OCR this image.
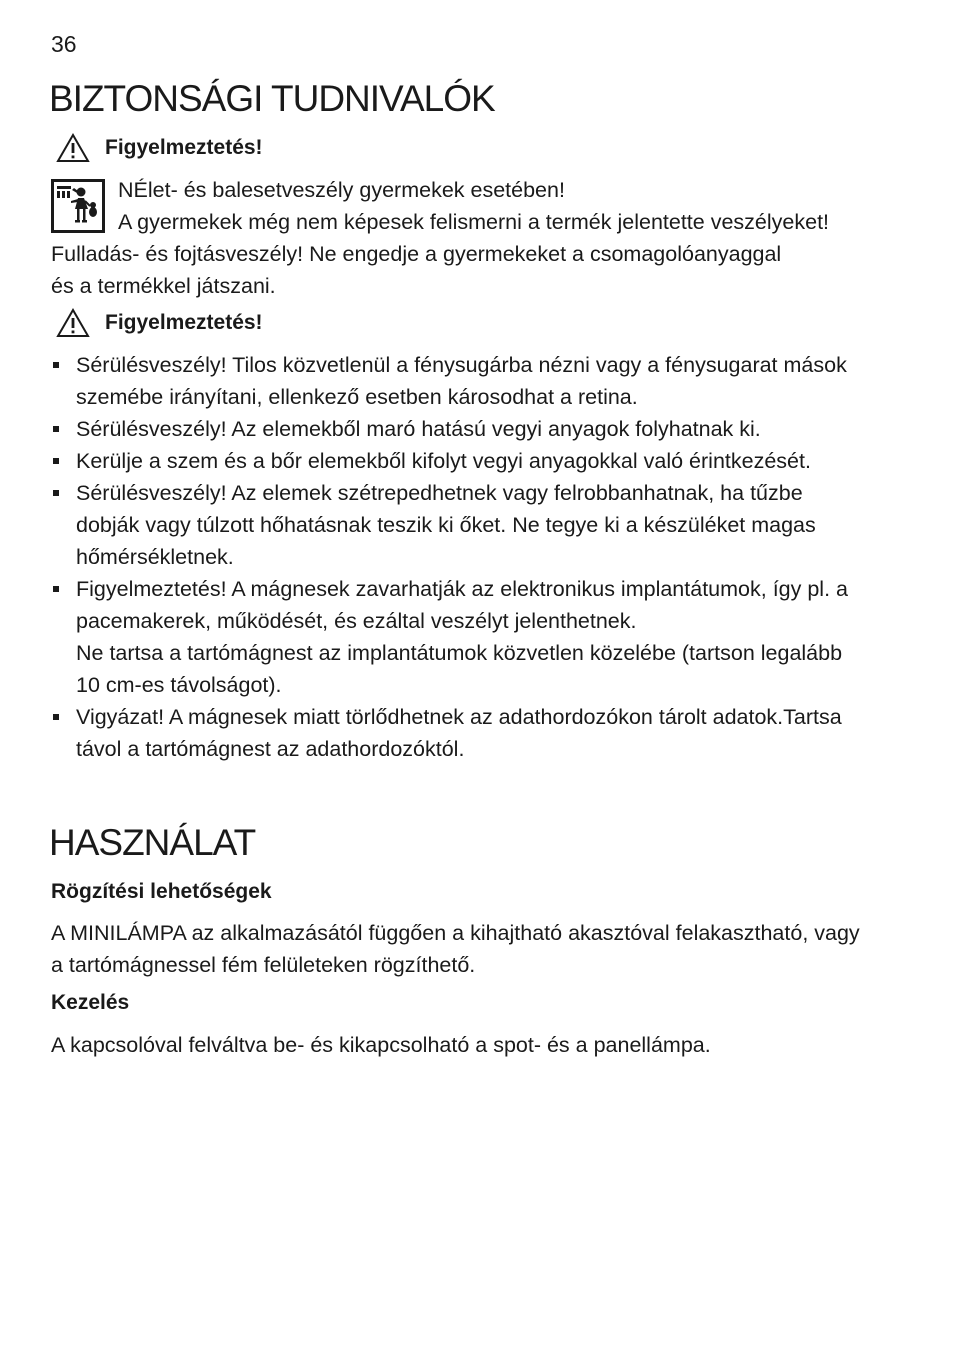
36
BIZTONSÁGI TUDNIVALÓK
Figyelmeztetés!
NÉlet- és balesetveszély gyermekek esetében!
A gyermekek még nem képesek felismerni a termék jelentette veszélyeket!
Fulladás- és fojtásveszély! Ne engedje a gyermekeket a csomagolóanyaggal
és a termékkel játszani.
Figyelmeztetés!
Sérülésveszély! Tilos közvetlenül a fénysugárba nézni vagy a fénysugarat mások
szemébe irányítani, ellenkező esetben károsodhat a retina.
Sérülésveszély! Az elemekből maró hatású vegyi anyagok folyhatnak ki.
Kerülje a szem és a bőr elemekből kifolyt vegyi anyagokkal való érintkezését.
Sérülésveszély! Az elemek szétrepedhetnek vagy felrobbanhatnak, ha tűzbe
dobják vagy túlzott hőhatásnak teszik ki őket. Ne tegye ki a készüléket magas
hőmérsékletnek.
Figyelmeztetés! A mágnesek zavarhatják az elektronikus implantátumok, így pl. a
pacemakerek, működését, és ezáltal veszélyt jelenthetnek.
Ne tartsa a tartómágnest az implantátumok közvetlen közelébe (tartson legalább
10 cm-es távolságot).
Vigyázat! A mágnesek miatt törlődhetnek az adathordozókon tárolt adatok.Tartsa
távol a tartómágnest az adathordozóktól.
HASZNÁLAT
Rögzítési lehetőségek
A MINILÁMPA az alkalmazásától függően a kihajtható akasztóval felakasztható, vagy
a tartómágnessel fém felületeken rögzíthető.
Kezelés
A kapcsolóval felváltva be- és kikapcsolható a spot- és a panellámpa.
